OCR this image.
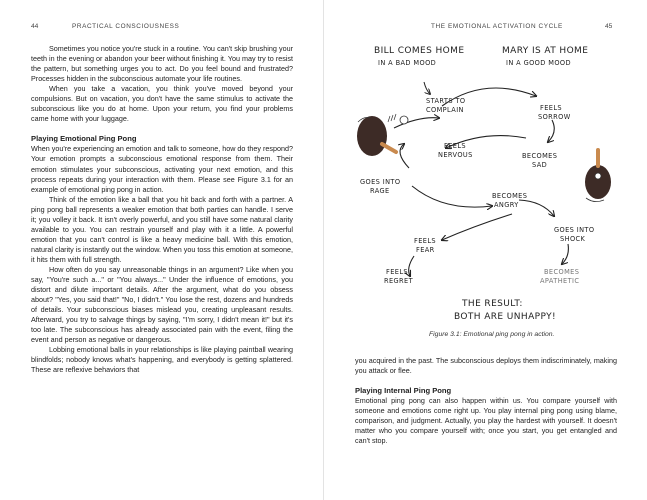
44	PRACTICAL CONSCIOUSNESS

Sometimes you notice you're stuck in a routine. You can't skip brushing your teeth in the evening or abandon your beer without finishing it. You may try to resist the pattern, but something urges you to act. Do you feel bound and frustrated? Processes hidden in the subconscious automate your life routines.

When you take a vacation, you think you've moved beyond your compulsions. But on vacation, you don't have the same stimulus to activate the subconscious like you do at home. Upon your return, you find your problems came home with your luggage.

Playing Emotional Ping Pong

When you're experiencing an emotion and talk to someone, how do they respond? Your emotion prompts a subconscious emotional response from them. Their emotion stimulates your subconscious, activating your next emotion, and this process repeats during your interaction with them. Please see Figure 3.1 for an example of emotional ping pong in action.

Think of the emotion like a ball that you hit back and forth with a partner. A ping pong ball represents a weaker emotion that both parties can handle. I serve it; you volley it back. It isn't overly powerful, and you still have some natural clarity available to you. You can restrain yourself and play with it a little. A powerful emotion that you can't control is like a heavy medicine ball. With this emotion, natural clarity is instantly out the window. When you toss this emotion at someone, it hits them with full strength.

How often do you say unreasonable things in an argument? Like when you say, "You're such a..." or "You always..." Under the influence of emotions, you distort and dilute important details. After the argument, what do you obsess about? "Yes, you said that!" "No, I didn't." You lose the rest, dozens and hundreds of details. Your subconscious biases mislead you, creating unpleasant results. Afterward, you try to salvage things by saying, "I'm sorry, I didn't mean it!" but it's too late. The subconscious has already associated pain with the event, filing the event and person as negative or dangerous.

Lobbing emotional balls in your relationships is like playing paintball wearing blindfolds; nobody knows what's happening, and everybody is getting splattered. These are reflexive behaviors that

THE EMOTIONAL ACTIVATION CYCLE	45
BILL COMES HOME
IN A BAD MOOD
MARY IS AT HOME
IN A GOOD MOOD
STARTS TO
COMPLAIN	FEELS
SORROW
FEELS
NERVOUS	BECOMES
SAD
GOES INTO
RAGE
BECOMES
ANGRY
GOES INTO
SHOCK
FEELS
FEAR
FEELS
REGRET
BECOMES
APATHETIC
THE RESULT:
BOTH ARE UNHAPPY!
Figure 3.1: Emotional ping pong in action.

you acquired in the past. The subconscious deploys them indiscriminately, making you attack or flee.

Playing Internal Ping Pong

Emotional ping pong can also happen within us. You compare yourself with someone and emotions come right up. You play internal ping pong using blame, comparison, and judgment. Actually, you play the hardest with yourself. It doesn't matter who you compare yourself with; once you start, you get entangled and can't stop.
